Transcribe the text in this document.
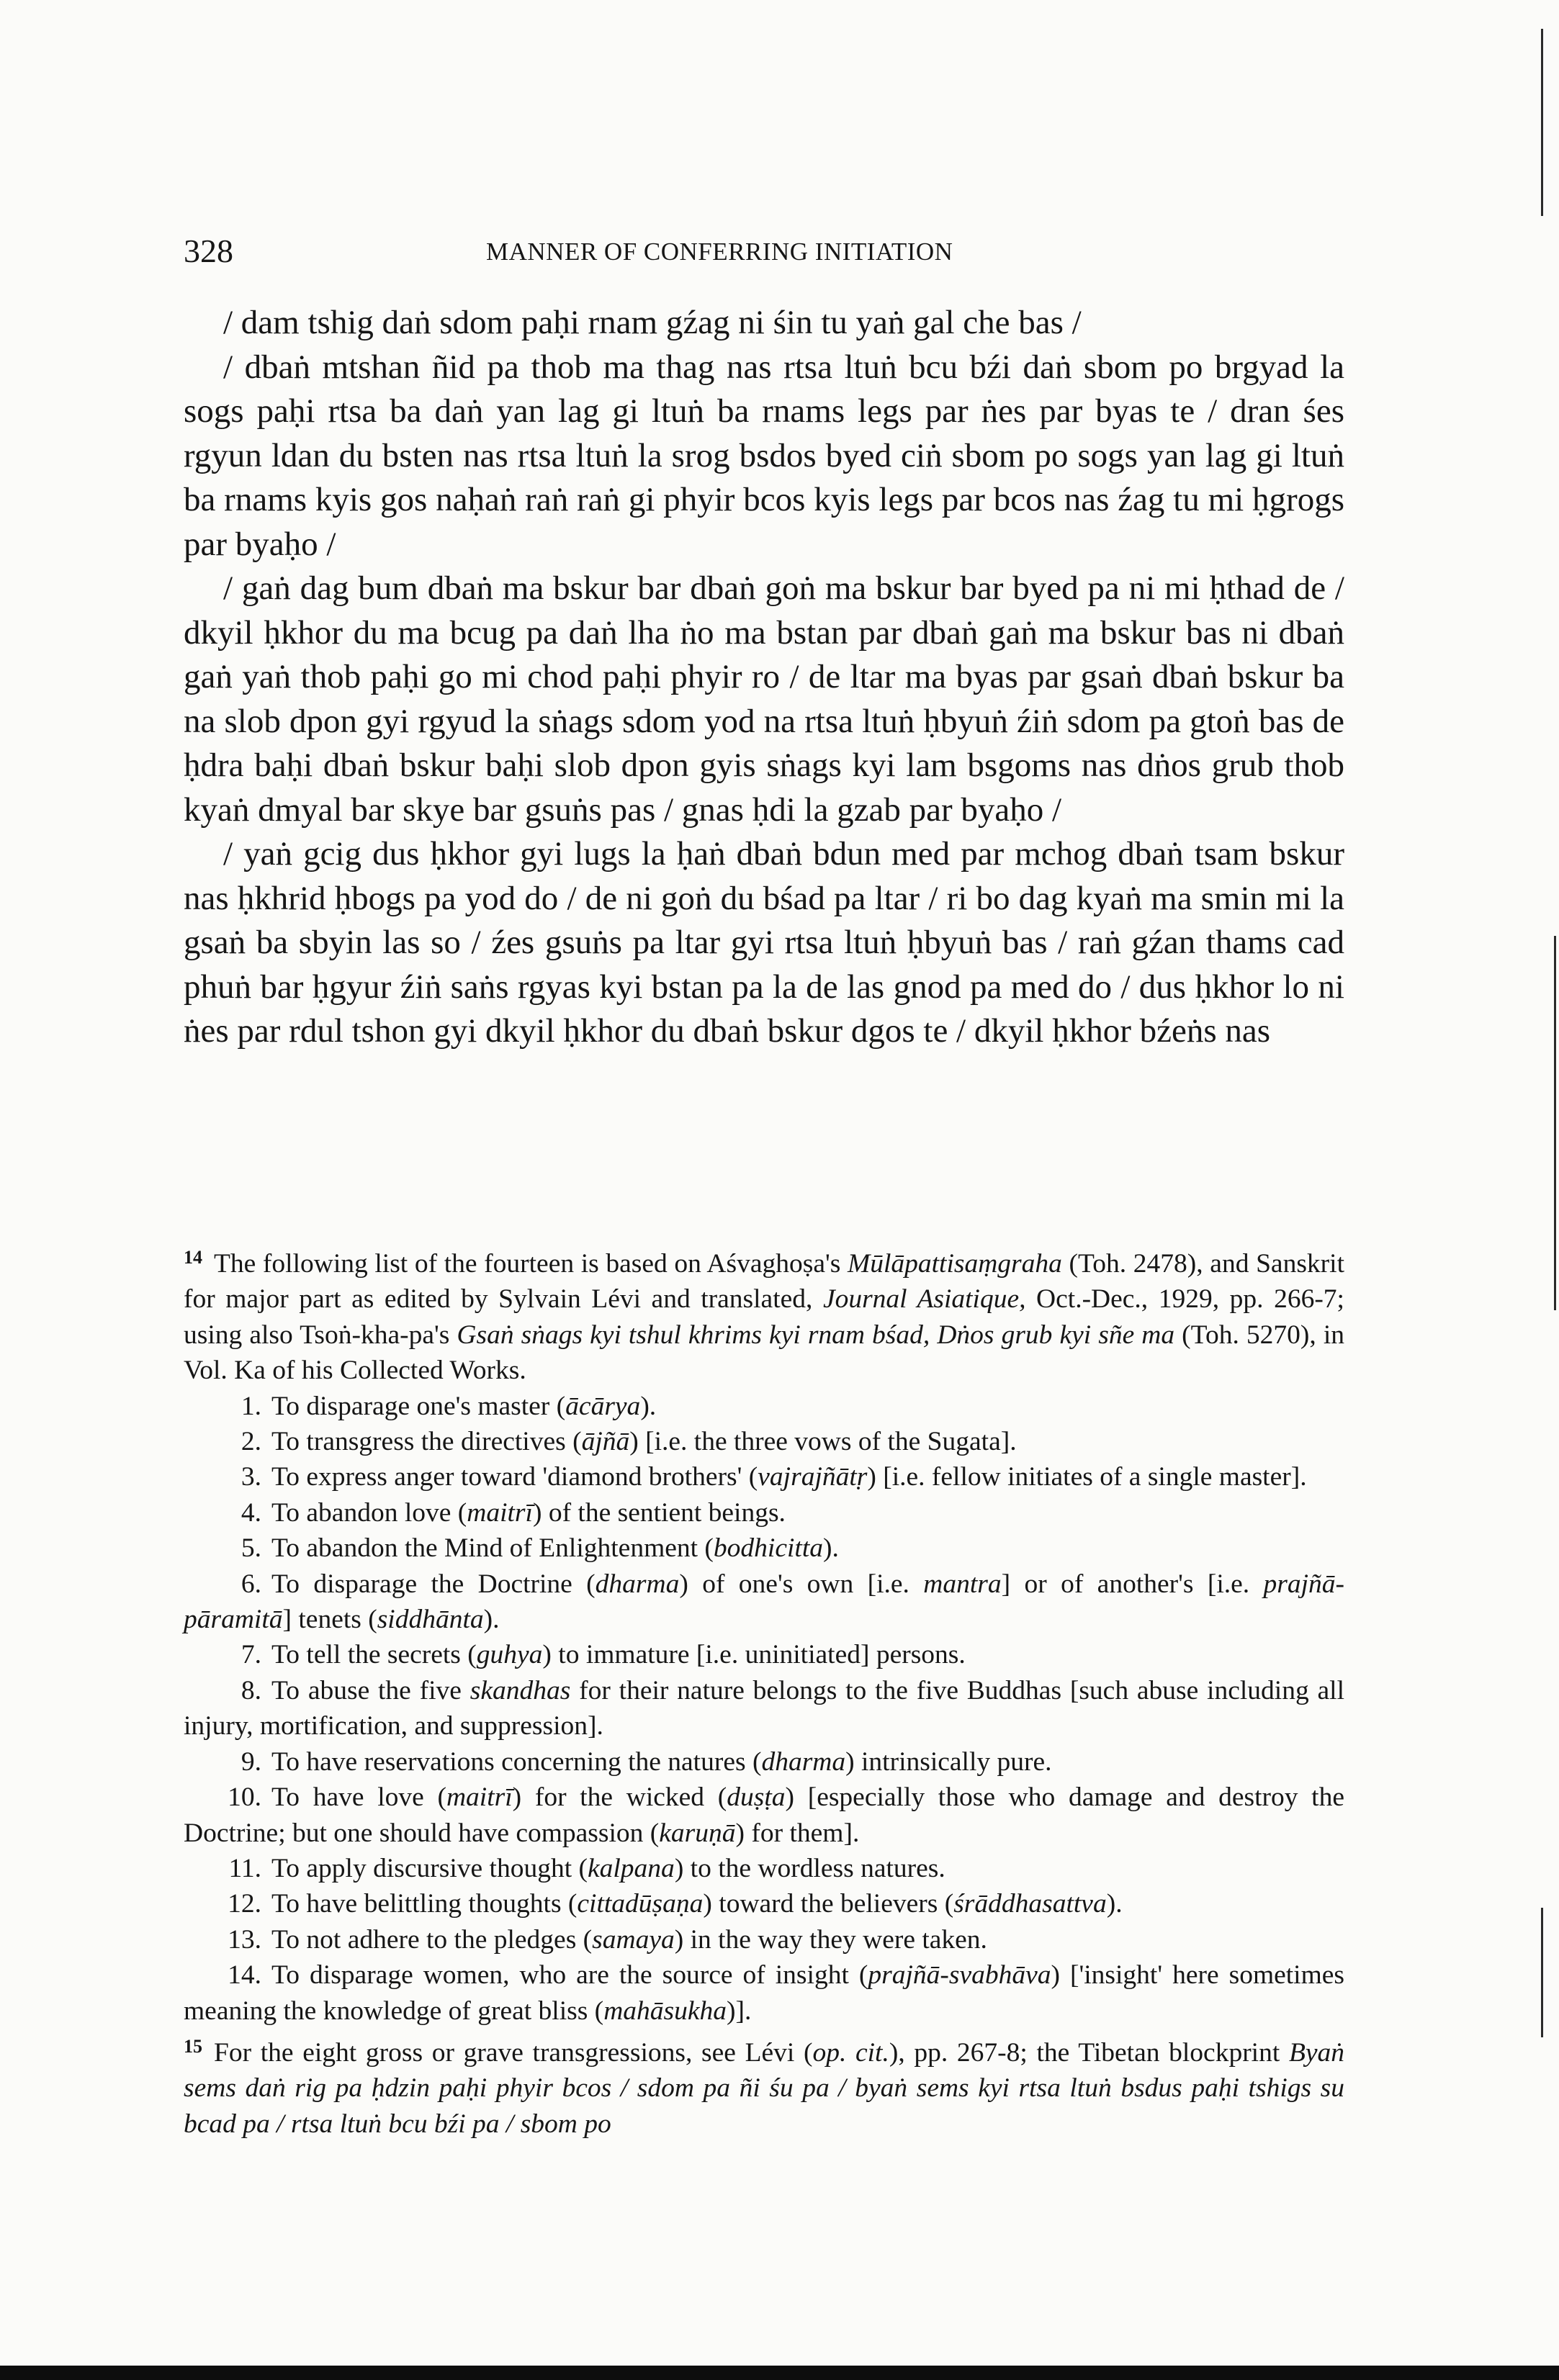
328	MANNER OF CONFERRING INITIATION

/ dam tshig daṅ sdom paḥi rnam gźag ni śin tu yaṅ gal che bas /

/ dbaṅ mtshan ñid pa thob ma thag nas rtsa ltuṅ bcu bźi daṅ sbom po brgyad la sogs paḥi rtsa ba daṅ yan lag gi ltuṅ ba rnams legs par ṅes par byas te / dran śes rgyun ldan du bsten nas rtsa ltuṅ la srog bsdos byed ciṅ sbom po sogs yan lag gi ltuṅ ba rnams kyis gos naḥaṅ raṅ raṅ gi phyir bcos kyis legs par bcos nas źag tu mi ḥgrogs par byaḥo /

/ gaṅ dag bum dbaṅ ma bskur bar dbaṅ goṅ ma bskur bar byed pa ni mi ḥthad de / dkyil ḥkhor du ma bcug pa daṅ lha ṅo ma bstan par dbaṅ gaṅ ma bskur bas ni dbaṅ gaṅ yaṅ thob paḥi go mi chod paḥi phyir ro / de ltar ma byas par gsaṅ dbaṅ bskur ba na slob dpon gyi rgyud la sṅags sdom yod na rtsa ltuṅ ḥbyuṅ źiṅ sdom pa gtoṅ bas de ḥdra baḥi dbaṅ bskur baḥi slob dpon gyis sṅags kyi lam bsgoms nas dṅos grub thob kyaṅ dmyal bar skye bar gsuṅs pas / gnas ḥdi la gzab par byaḥo /

/ yaṅ gcig dus ḥkhor gyi lugs la ḥaṅ dbaṅ bdun med par mchog dbaṅ tsam bskur nas ḥkhrid ḥbogs pa yod do / de ni goṅ du bśad pa ltar / ri bo dag kyaṅ ma smin mi la gsaṅ ba sbyin las so / źes gsuṅs pa ltar gyi rtsa ltuṅ ḥbyuṅ bas / raṅ gźan thams cad phuṅ bar ḥgyur źiṅ saṅs rgyas kyi bstan pa la de las gnod pa med do / dus ḥkhor lo ni ṅes par rdul tshon gyi dkyil ḥkhor du dbaṅ bskur dgos te / dkyil ḥkhor bźeṅs nas

$^{14}$ The following list of the fourteen is based on Aśvaghoṣa's Mūlāpattisaṃgraha (Toh. 2478), and Sanskrit for major part as edited by Sylvain Lévi and translated, Journal Asiatique, Oct.-Dec., 1929, pp. 266-7; using also Tsoṅ-kha-pa's Gsaṅ sṅags kyi tshul khrims kyi rnam bśad, Dṅos grub kyi sñe ma (Toh. 5270), in Vol. Ka of his Collected Works.

1. To disparage one's master (ācārya).

2. To transgress the directives (ājñā) [i.e. the three vows of the Sugata].

3. To express anger toward 'diamond brothers' (vajrajñātṛ) [i.e. fellow initiates of a single master].

4. To abandon love (maitrī) of the sentient beings.

5. To abandon the Mind of Enlightenment (bodhicitta).

6. To disparage the Doctrine (dharma) of one's own [i.e. mantra] or of another's [i.e. prajñā-pāramitā] tenets (siddhānta).

7. To tell the secrets (guhya) to immature [i.e. uninitiated] persons.

8. To abuse the five skandhas for their nature belongs to the five Buddhas [such abuse including all injury, mortification, and suppression].

9. To have reservations concerning the natures (dharma) intrinsically pure.

10. To have love (maitrī) for the wicked (duṣṭa) [especially those who damage and destroy the Doctrine; but one should have compassion (karuṇā) for them].

11. To apply discursive thought (kalpana) to the wordless natures.

12. To have belittling thoughts (cittadūṣaṇa) toward the believers (śrāddhasattva).

13. To not adhere to the pledges (samaya) in the way they were taken.

14. To disparage women, who are the source of insight (prajñā-svabhāva) ['insight' here sometimes meaning the knowledge of great bliss (mahāsukha)].

$^{15}$ For the eight gross or grave transgressions, see Lévi (op. cit.), pp. 267-8; the Tibetan blockprint Byaṅ sems daṅ rig pa ḥdzin paḥi phyir bcos / sdom pa ñi śu pa / byaṅ sems kyi rtsa ltuṅ bsdus paḥi tshigs su bcad pa / rtsa ltuṅ bcu bźi pa / sbom po
